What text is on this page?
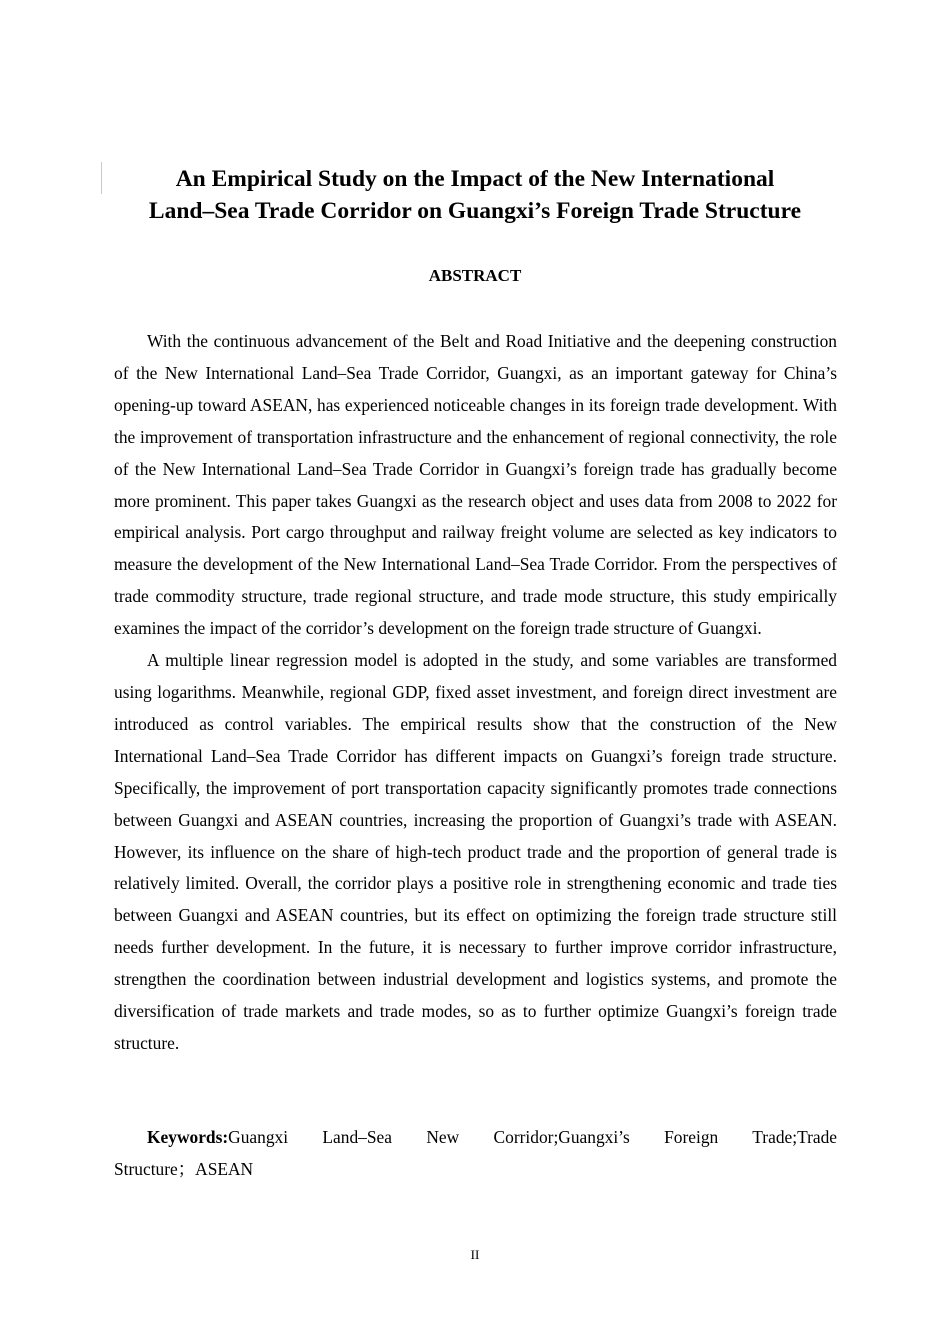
An Empirical Study on the Impact of the New International
Land–Sea Trade Corridor on Guangxi’s Foreign Trade Structure
ABSTRACT

With the continuous advancement of the Belt and Road Initiative and the deepening construction of the New International Land–Sea Trade Corridor, Guangxi, as an important gateway for China’s opening-up toward ASEAN, has experienced noticeable changes in its foreign trade development. With the improvement of transportation infrastructure and the enhancement of regional connectivity, the role of the New International Land–Sea Trade Corridor in Guangxi’s foreign trade has gradually become more prominent. This paper takes Guangxi as the research object and uses data from 2008 to 2022 for empirical analysis. Port cargo throughput and railway freight volume are selected as key indicators to measure the development of the New International Land–Sea Trade Corridor. From the perspectives of trade commodity structure, trade regional structure, and trade mode structure, this study empirically examines the impact of the corridor’s development on the foreign trade structure of Guangxi.

A multiple linear regression model is adopted in the study, and some variables are transformed using logarithms. Meanwhile, regional GDP, fixed asset investment, and foreign direct investment are introduced as control variables. The empirical results show that the construction of the New International Land–Sea Trade Corridor has different impacts on Guangxi’s foreign trade structure. Specifically, the improvement of port transportation capacity significantly promotes trade connections between Guangxi and ASEAN countries, increasing the proportion of Guangxi’s trade with ASEAN. However, its influence on the share of high-tech product trade and the proportion of general trade is relatively limited. Overall, the corridor plays a positive role in strengthening economic and trade ties between Guangxi and ASEAN countries, but its effect on optimizing the foreign trade structure still needs further development. In the future, it is necessary to further improve corridor infrastructure, strengthen the coordination between industrial development and logistics systems, and promote the diversification of trade markets and trade modes, so as to further optimize Guangxi’s foreign trade structure.

Keywords:Guangxi Land–Sea New Corridor;Guangxi’s Foreign Trade;Trade Structure；ASEAN

II
